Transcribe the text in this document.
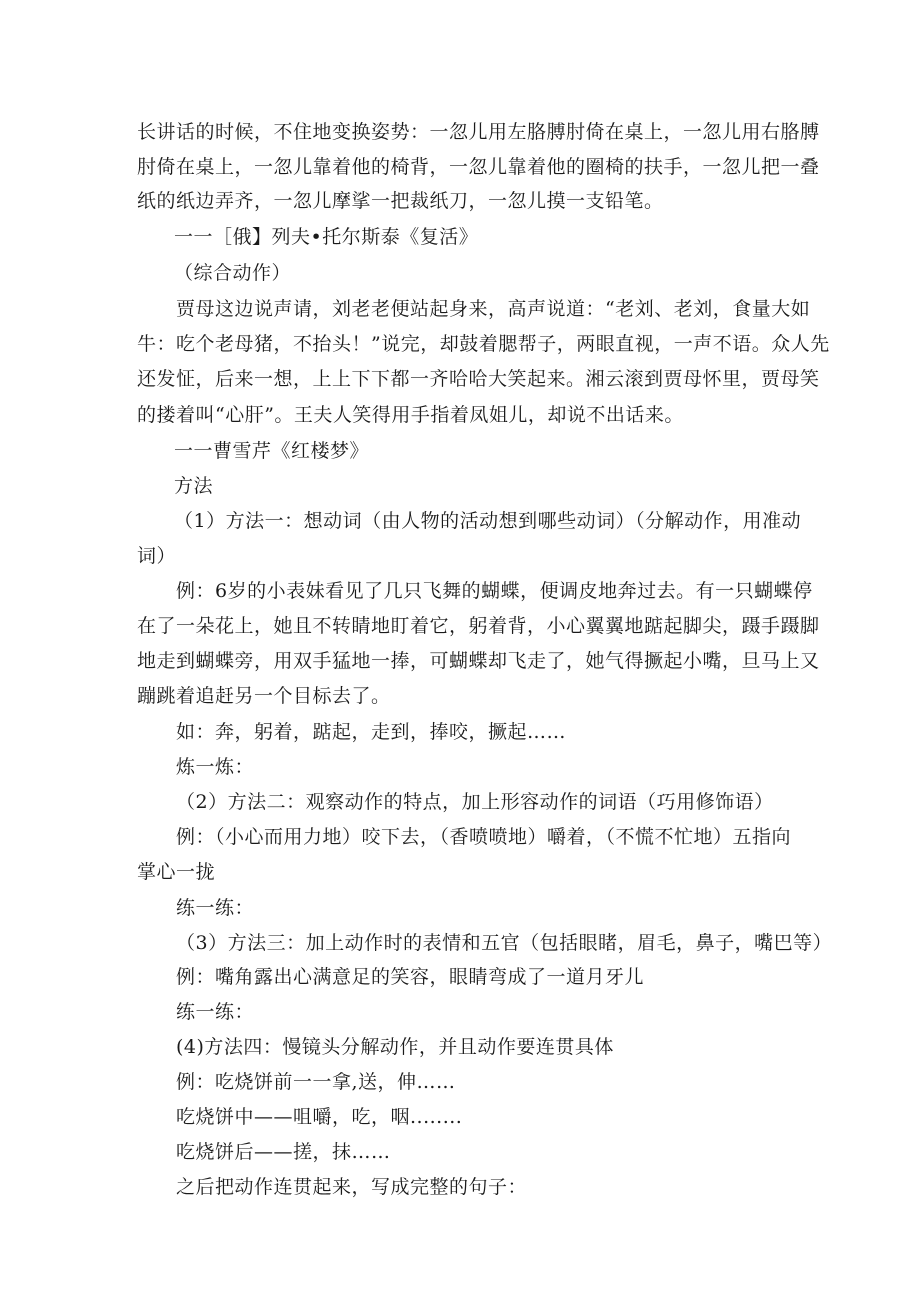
长讲话的时候，不住地变换姿势：一忽儿用左胳膊肘倚在桌上，一忽儿用右胳膊
肘倚在桌上，一忽儿靠着他的椅背，一忽儿靠着他的圈椅的扶手，一忽儿把一叠
纸的纸边弄齐，一忽儿摩挲一把裁纸刀，一忽儿摸一支铅笔。
一一［俄】列夫•托尔斯泰《复活》
（综合动作）
贾母这边说声请，刘老老便站起身来，高声说道：“老刘、老刘，食量大如
牛：吃个老母猪，不抬头！”说完，却鼓着腮帮子，两眼直视，一声不语。众人先
还发怔，后来一想，上上下下都一齐哈哈大笑起来。湘云滚到贾母怀里，贾母笑
的搂着叫“心肝”。王夫人笑得用手指着凤姐儿，却说不出话来。
一一曹雪芹《红楼梦》
方法
（1）方法一：想动词（由人物的活动想到哪些动词）（分解动作，用准动
词）
例：6岁的小表妹看见了几只飞舞的蝴蝶，便调皮地奔过去。有一只蝴蝶停
在了一朵花上，她且不转睛地盯着它，躬着背，小心翼翼地踮起脚尖，蹑手蹑脚
地走到蝴蝶旁，用双手猛地一捧，可蝴蝶却飞走了，她气得撅起小嘴，旦马上又
蹦跳着追赶另一个目标去了。
如：奔，躬着，踮起，走到，捧咬，撅起……
炼一炼：
（2）方法二：观察动作的特点，加上形容动作的词语（巧用修饰语）
例：（小心而用力地）咬下去，（香喷喷地）嚼着，（不慌不忙地）五指向
掌心一拢
练一练：
（3）方法三：加上动作时的表情和五官（包括眼睹，眉毛，鼻子，嘴巴等）
例：嘴角露出心满意足的笑容，眼睛弯成了一道月牙儿
练一练：
(4)方法四：慢镜头分解动作，并且动作要连贯具体
例：吃烧饼前一一拿,送，伸……
吃烧饼中——咀嚼，吃，咽........
吃烧饼后——搓，抹……
之后把动作连贯起来，写成完整的句子：
